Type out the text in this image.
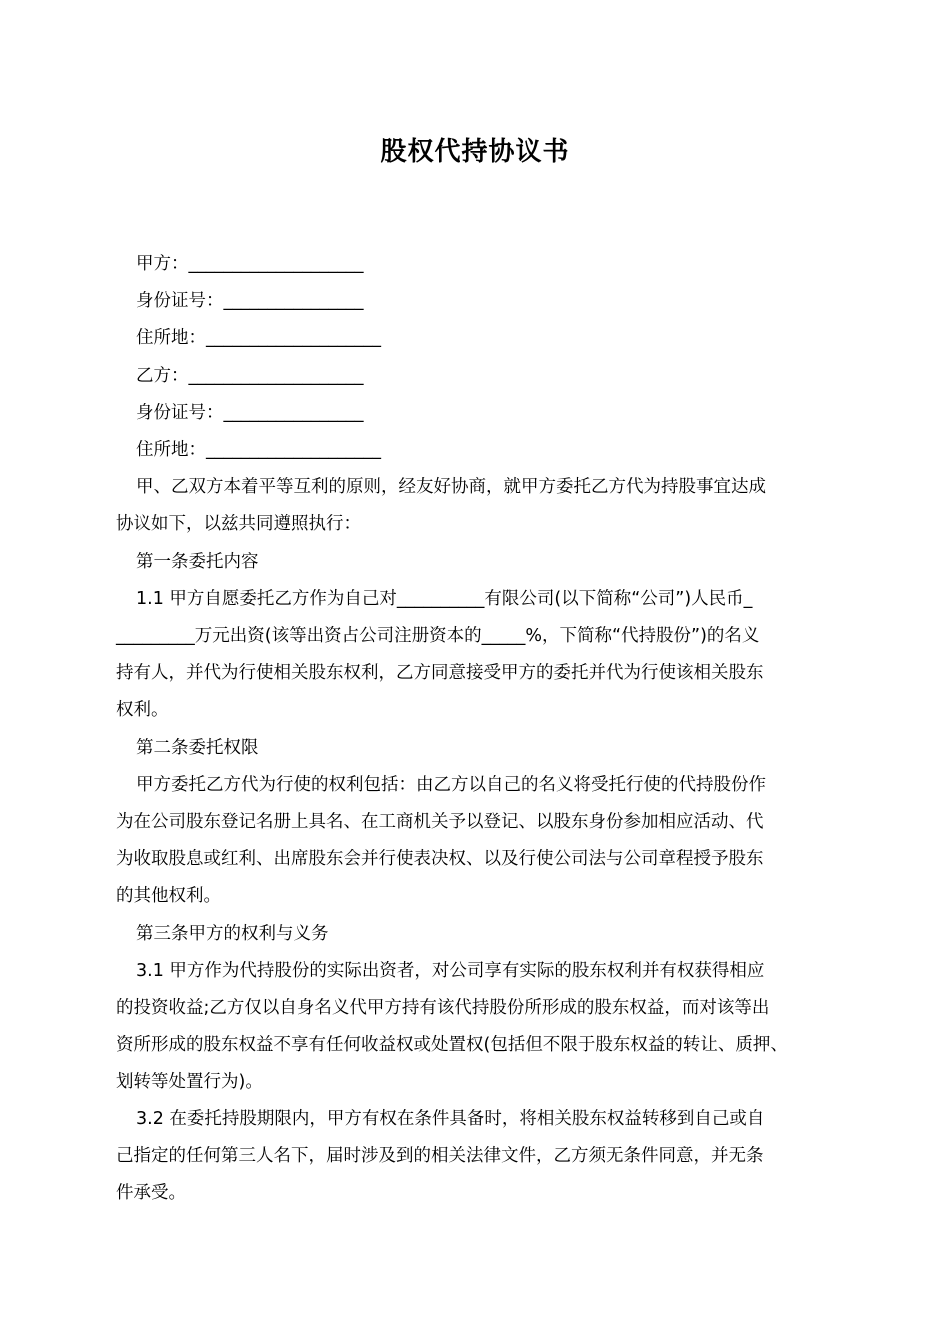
股权代持协议书
甲方： ____________________
身份证号： ________________
住所地： ____________________
乙方： ____________________
身份证号： ________________
住所地： ____________________
甲、乙双方本着平等互利的原则，经友好协商，就甲方委托乙方代为持股事宜达成
协议如下，以兹共同遵照执行：
第一条委托内容
1.1 甲方自愿委托乙方作为自己对__________有限公司(以下简称“公司”)人民币_
_________万元出资(该等出资占公司注册资本的_____%，下简称“代持股份”)的名义
持有人，并代为行使相关股东权利，乙方同意接受甲方的委托并代为行使该相关股东
权利。
第二条委托权限
甲方委托乙方代为行使的权利包括：由乙方以自己的名义将受托行使的代持股份作
为在公司股东登记名册上具名、在工商机关予以登记、以股东身份参加相应活动、代
为收取股息或红利、出席股东会并行使表决权、以及行使公司法与公司章程授予股东
的其他权利。
第三条甲方的权利与义务
3.1 甲方作为代持股份的实际出资者，对公司享有实际的股东权利并有权获得相应
的投资收益;乙方仅以自身名义代甲方持有该代持股份所形成的股东权益，而对该等出
资所形成的股东权益不享有任何收益权或处置权(包括但不限于股东权益的转让、质押、
划转等处置行为)。
3.2 在委托持股期限内，甲方有权在条件具备时，将相关股东权益转移到自己或自
己指定的任何第三人名下，届时涉及到的相关法律文件，乙方须无条件同意，并无条
件承受。
